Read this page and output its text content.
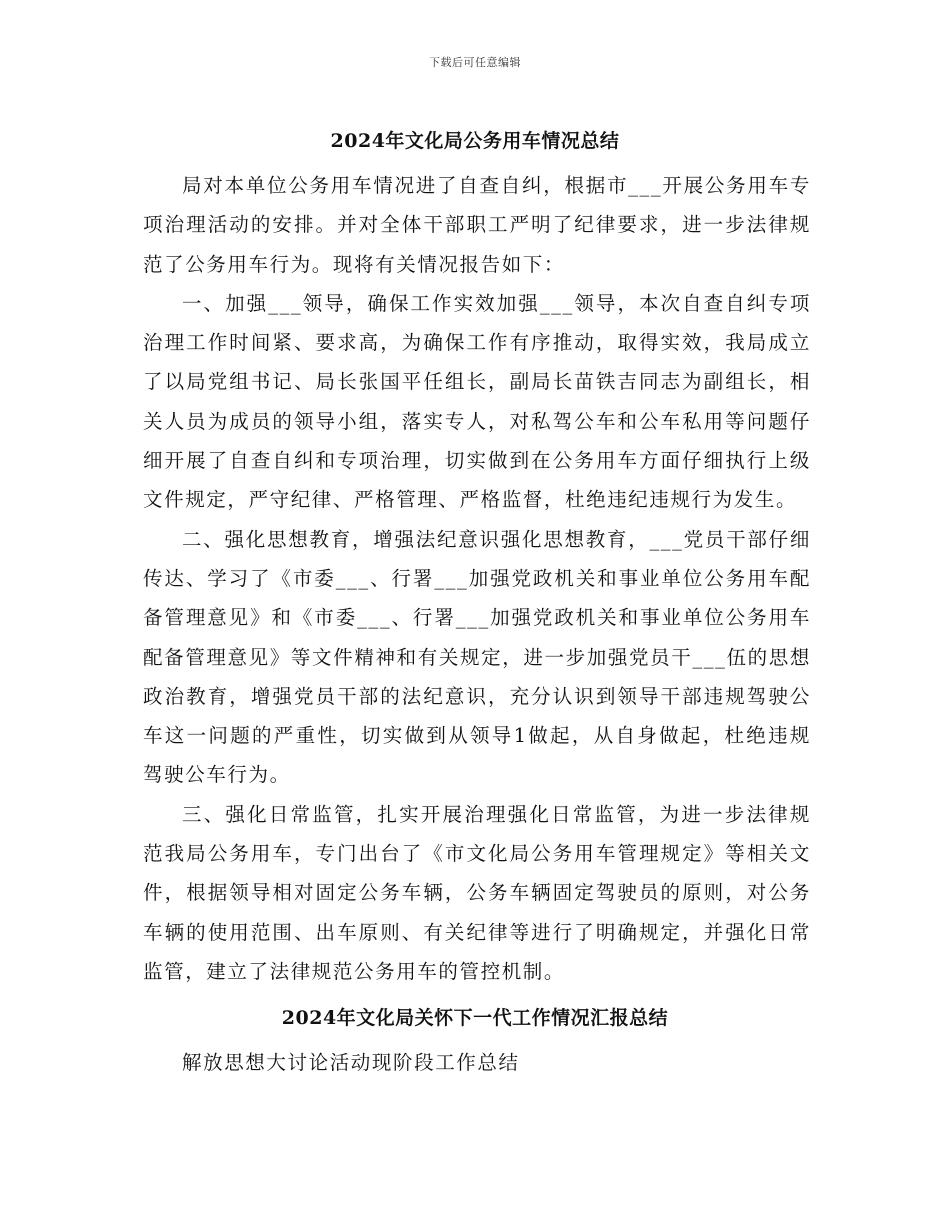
下载后可任意编辑
2024年文化局公务用车情况总结

局对本单位公务用车情况进了自查自纠，根据市___开展公务用车专项治理活动的安排。并对全体干部职工严明了纪律要求，进一步法律规范了公务用车行为。现将有关情况报告如下：

一、加强___领导，确保工作实效加强___领导，本次自查自纠专项治理工作时间紧、要求高，为确保工作有序推动，取得实效，我局成立了以局党组书记、局长张国平任组长，副局长苗铁吉同志为副组长，相关人员为成员的领导小组，落实专人，对私驾公车和公车私用等问题仔细开展了自查自纠和专项治理，切实做到在公务用车方面仔细执行上级文件规定，严守纪律、严格管理、严格监督，杜绝违纪违规行为发生。

二、强化思想教育，增强法纪意识强化思想教育，___党员干部仔细传达、学习了《市委___、行署___加强党政机关和事业单位公务用车配备管理意见》和《市委___、行署___加强党政机关和事业单位公务用车配备管理意见》等文件精神和有关规定，进一步加强党员干___伍的思想政治教育，增强党员干部的法纪意识，充分认识到领导干部违规驾驶公车这一问题的严重性，切实做到从领导1做起，从自身做起，杜绝违规驾驶公车行为。

三、强化日常监管，扎实开展治理强化日常监管，为进一步法律规范我局公务用车，专门出台了《市文化局公务用车管理规定》等相关文件，根据领导相对固定公务车辆，公务车辆固定驾驶员的原则，对公务车辆的使用范围、出车原则、有关纪律等进行了明确规定，并强化日常监管，建立了法律规范公务用车的管控机制。

2024年文化局关怀下一代工作情况汇报总结

解放思想大讨论活动现阶段工作总结
